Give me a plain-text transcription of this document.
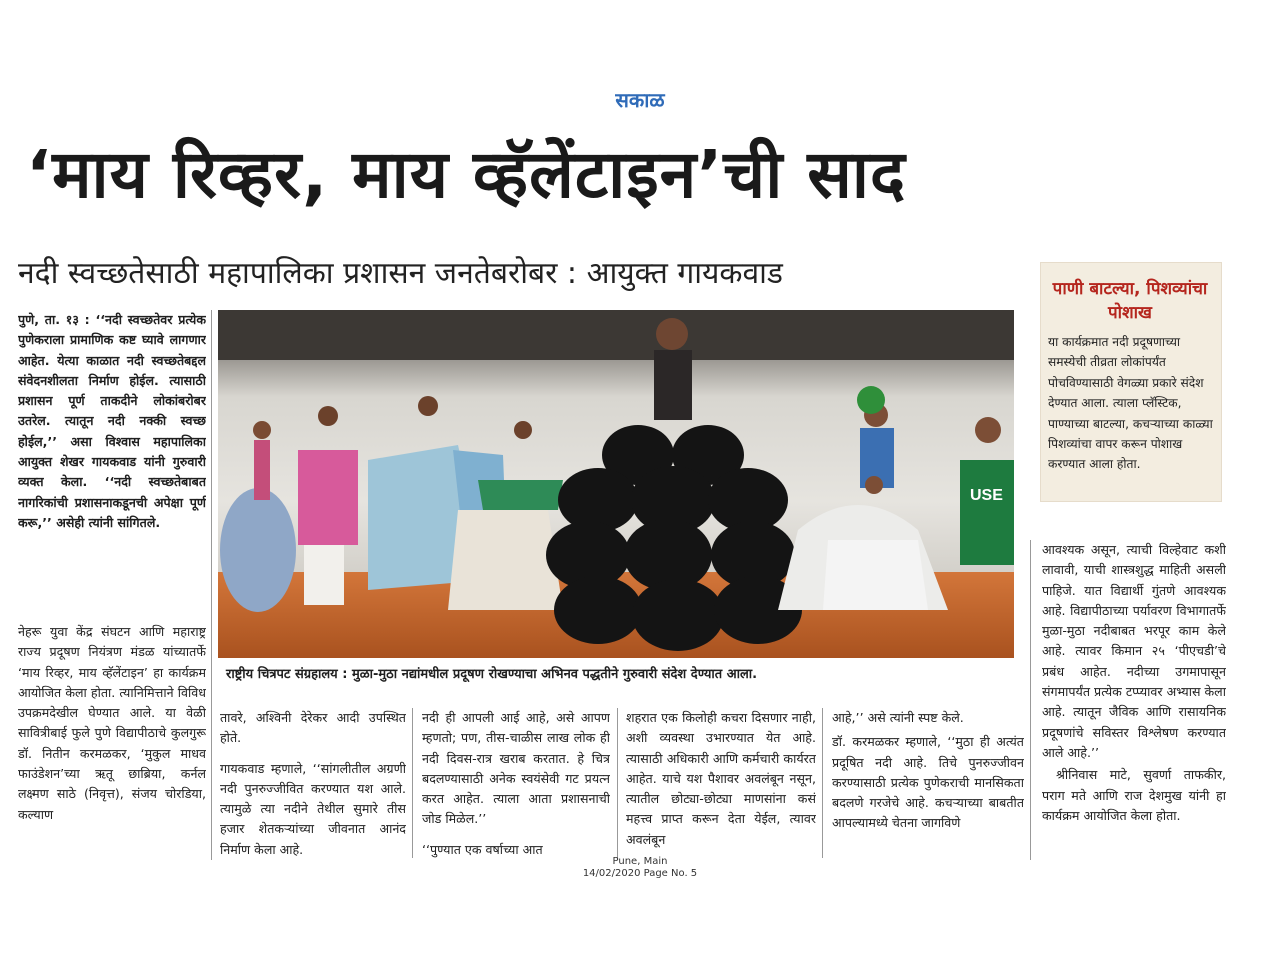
सकाळ
‘माय रिव्हर, माय व्हॅलेंटाइन’ची साद
नदी स्वच्छतेसाठी महापालिका प्रशासन जनतेबरोबर : आयुक्त गायकवाड

पुणे, ता. १३ : ‘‘नदी स्वच्छतेवर प्रत्येक पुणेकराला प्रामाणिक कष्ट घ्यावे लागणार आहेत. येत्या काळात नदी स्वच्छतेबद्दल संवेदनशीलता निर्माण होईल. त्यासाठी प्रशासन पूर्ण ताकदीने लोकांबरोबर उतरेल. त्यातून नदी नक्की स्वच्छ होईल,’’ असा विश्वास महापालिका आयुक्त शेखर गायकवाड यांनी गुरुवारी व्यक्त केला. ‘‘नदी स्वच्छतेबाबत नागरिकांची प्रशासनाकडूनची अपेक्षा पूर्ण करू,’’ असेही त्यांनी सांगितले.

नेहरू युवा केंद्र संघटन आणि महाराष्ट्र राज्य प्रदूषण नियंत्रण मंडळ यांच्यातर्फे ‘माय रिव्हर, माय व्हॅलेंटाइन’ हा कार्यक्रम आयोजित केला होता. त्यानिमित्ताने विविध उपक्रमदेखील घेण्यात आले. या वेळी सावित्रीबाई फुले पुणे विद्यापीठाचे कुलगुरू डॉ. नितीन करमळकर, ‘मुकुल माधव फाउंडेशन’च्या ऋतू छाब्रिया, कर्नल लक्ष्मण साठे (निवृत्त), संजय चोरडिया, कल्याण

USE
राष्ट्रीय चित्रपट संग्रहालय : मुळा-मुठा नद्यांमधील प्रदूषण रोखण्याचा अभिनव पद्धतीने गुरुवारी संदेश देण्यात आला.

तावरे, अश्विनी देरेकर आदी उपस्थित होते.

गायकवाड म्हणाले, ‘‘सांगलीतील अग्रणी नदी पुनरुज्जीवित करण्यात यश आले. त्यामुळे त्या नदीने तेथील सुमारे तीस हजार शेतकऱ्यांच्या जीवनात आनंद निर्माण केला आहे.

नदी ही आपली आई आहे, असे आपण म्हणतो; पण, तीस-चाळीस लाख लोक ही नदी दिवस-रात्र खराब करतात. हे चित्र बदलण्यासाठी अनेक स्वयंसेवी गट प्रयत्न करत आहेत. त्याला आता प्रशासनाची जोड मिळेल.’’

‘‘पुण्यात एक वर्षाच्या आत

शहरात एक किलोही कचरा दिसणार नाही, अशी व्यवस्था उभारण्यात येत आहे. त्यासाठी अधिकारी आणि कर्मचारी कार्यरत आहेत. याचे यश पैशावर अवलंबून नसून, त्यातील छोट्या-छोट्या माणसांना कसं महत्त्व प्राप्त करून देता येईल, त्यावर अवलंबून

आहे,’’ असे त्यांनी स्पष्ट केले.

डॉ. करमळकर म्हणाले, ‘‘मुठा ही अत्यंत प्रदूषित नदी आहे. तिचे पुनरुज्जीवन करण्यासाठी प्रत्येक पुणेकराची मानसिकता बदलणे गरजेचे आहे. कचऱ्याच्या बाबतीत आपल्यामध्ये चेतना जागविणे

पाणी बाटल्या, पिशव्यांचा पोशाख
या कार्यक्रमात नदी प्रदूषणाच्या समस्येची तीव्रता लोकांपर्यंत पोचविण्यासाठी वेगळ्या प्रकारे संदेश देण्यात आला. त्याला प्लॅस्टिक, पाण्याच्या बाटल्या, कचऱ्याच्या काळ्या पिशव्यांचा वापर करून पोशाख करण्यात आला होता.

आवश्यक असून, त्याची विल्हेवाट कशी लावावी, याची शास्त्रशुद्ध माहिती असली पाहिजे. यात विद्यार्थी गुंतणे आवश्यक आहे. विद्यापीठाच्या पर्यावरण विभागातर्फे मुळा-मुठा नदीबाबत भरपूर काम केले आहे. त्यावर किमान २५ ‘पीएचडी’चे प्रबंध आहेत. नदीच्या उगमापासून संगमापर्यंत प्रत्येक टप्प्यावर अभ्यास केला आहे. त्यातून जैविक आणि रासायनिक प्रदूषणांचे सविस्तर विश्लेषण करण्यात आले आहे.’’

श्रीनिवास माटे, सुवर्णा ताफकीर, पराग मते आणि राज देशमुख यांनी हा कार्यक्रम आयोजित केला होता.

Pune, Main
14/02/2020 Page No. 5
